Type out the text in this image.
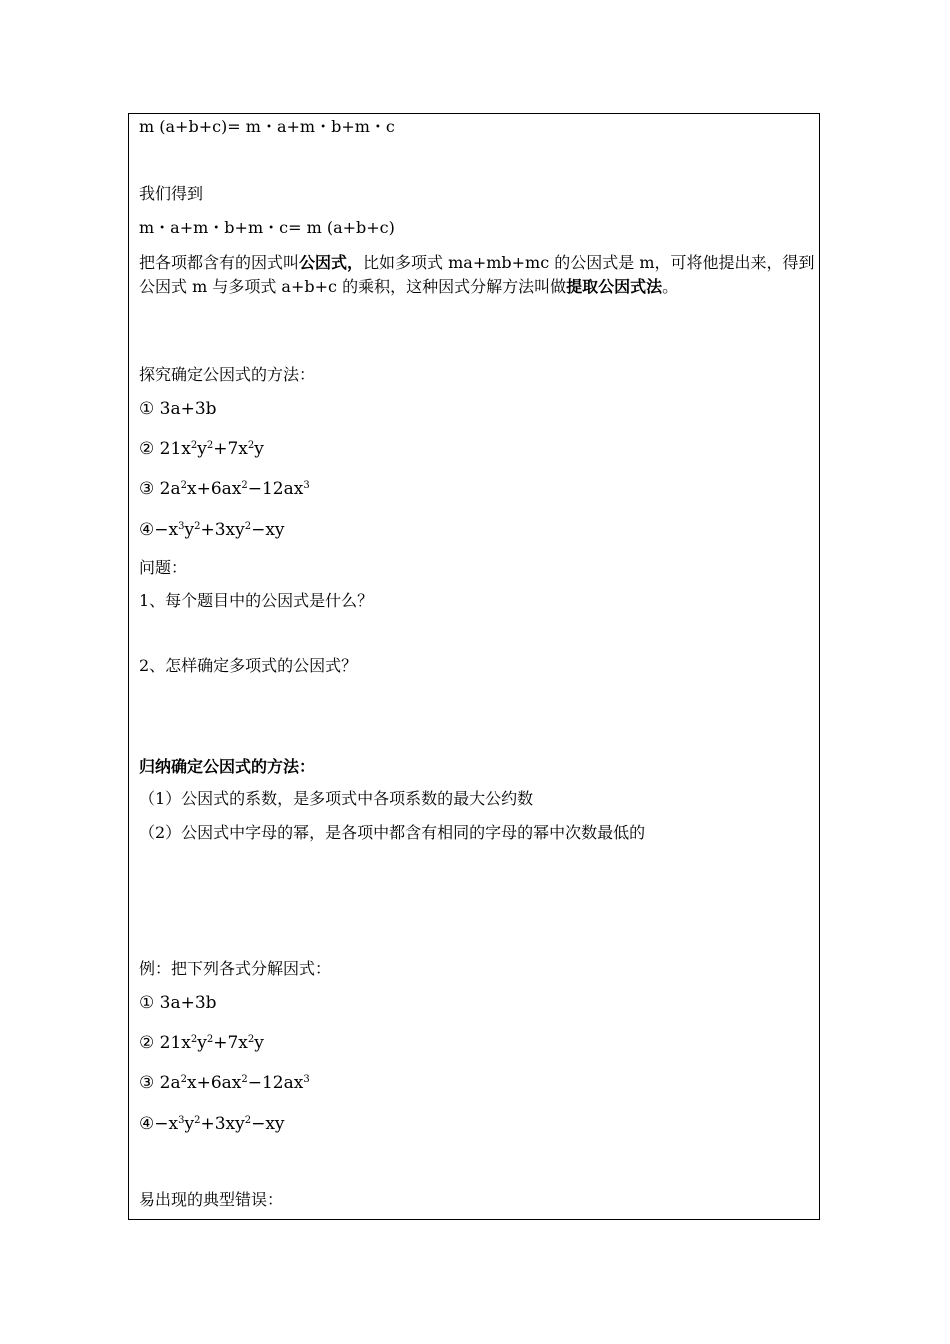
m (a+b+c)= m・a+m・b+m・c
我们得到
m・a+m・b+m・c= m (a+b+c)
把各项都含有的因式叫公因式，比如多项式 ma+mb+mc 的公因式是 m，可将他提出来，得到公因式 m 与多项式 a+b+c 的乘积，这种因式分解方法叫做提取公因式法。
探究确定公因式的方法：
① 3a+3b
② $21x^2y^2+7x^2y$
③ $2a^2x+6ax^2-12ax^3$
$④-x^3y^2+3xy^2-xy$
问题：
1、每个题目中的公因式是什么？
2、怎样确定多项式的公因式？
归纳确定公因式的方法：
（1）公因式的系数，是多项式中各项系数的最大公约数
（2）公因式中字母的幂，是各项中都含有相同的字母的幂中次数最低的
例：把下列各式分解因式：
① 3a+3b
② $21x^2y^2+7x^2y$
③ $2a^2x+6ax^2-12ax^3$
$④-x^3y^2+3xy^2-xy$
易出现的典型错误：
